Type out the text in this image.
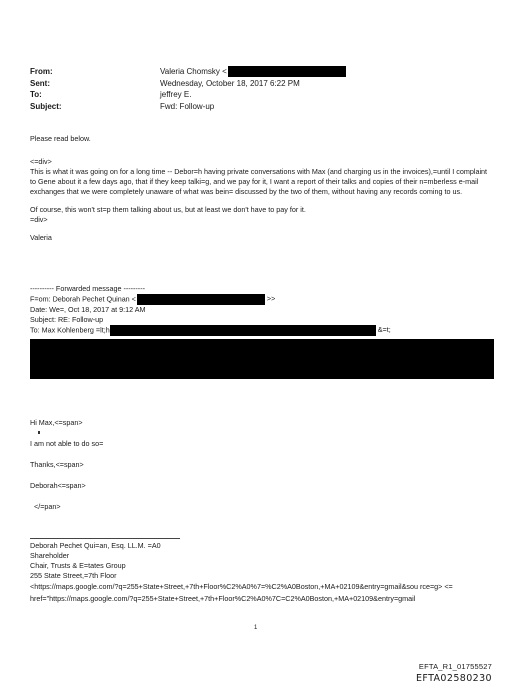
From:	Valeria Chomsky <
Sent:	Wednesday, October 18, 2017 6:22 PM
To:	jeffrey E.
Subject:	Fwd: Follow-up

Please read below.

<=div>

This is what it was going on for a long time -- Debor=h having private conversations with Max (and charging us in the invoices),=until I complaint to Gene about it a few days ago, that if they keep talki=g, and we pay for it, I want a report of their talks and copies of their n=mberless e-mail exchanges that we were completely unaware of what was bein= discussed by the two of them, without having any records coming to us.

Of course, this won't st=p them talking about us, but at least we don't have to pay for it.

=div>

Valeria

---------- Forwarded message ---------
F=om: Deborah Pechet Quinan <	>>
Date: We=, Oct 18, 2017 at 9:12 AM
Subject: RE: Follow-up
To: Max Kohlenberg =lt;h	&=t;

Hi Max,<=span>

I am not able to do so=

Thanks,<=span>

Deborah<=span>

</=pan>

Deborah Pechet Qui=an, Esq. LL.M. =A0
Shareholder
Chair, Trusts & E=tates Group
255 State Street,=7th Floor
<https://maps.google.com/?q=255+State+Street,+7th+Floor%C2%A0%7=%C2%A0Boston,+MA+02109&entry=gmail&sou rce=g> <=
href="https://maps.google.com/?q=255+State+Street,+7th+Floor%C2%A0%7C=C2%A0Boston,+MA+02109&entry=gmail
1
EFTA_R1_01755527
EFTA02580230
